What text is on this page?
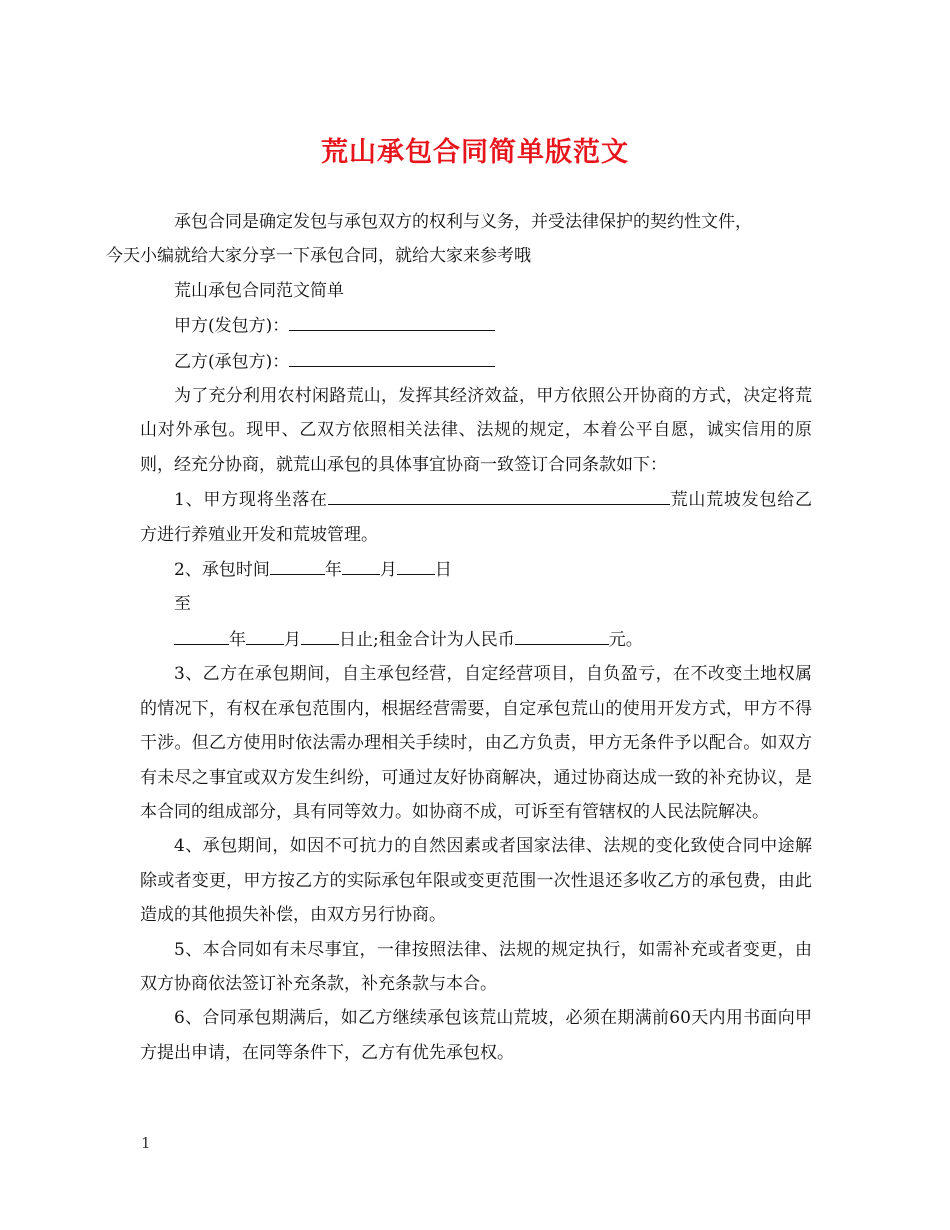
荒山承包合同简单版范文

承包合同是确定发包与承包双方的权利与义务，并受法律保护的契约性文件，
今天小编就给大家分享一下承包合同，就给大家来参考哦

荒山承包合同范文简单

甲方(发包方)：

乙方(承包方)：

为了充分利用农村闲路荒山，发挥其经济效益，甲方依照公开协商的方式，决定将荒山对外承包。现甲、乙双方依照相关法律、法规的规定，本着公平自愿，诚实信用的原则，经充分协商，就荒山承包的具体事宜协商一致签订合同条款如下：

1、甲方现将坐落在	荒山荒坡发包给乙方进行养殖业开发和荒坡管理。

2、承包时间	年 月 日

至

年 月 日止;租金合计为人民币	元。

3、乙方在承包期间，自主承包经营，自定经营项目，自负盈亏，在不改变土地权属的情况下，有权在承包范围内，根据经营需要，自定承包荒山的使用开发方式，甲方不得干涉。但乙方使用时依法需办理相关手续时，由乙方负责，甲方无条件予以配合。如双方有未尽之事宜或双方发生纠纷，可通过友好协商解决，通过协商达成一致的补充协议，是本合同的组成部分，具有同等效力。如协商不成，可诉至有管辖权的人民法院解决。

4、承包期间，如因不可抗力的自然因素或者国家法律、法规的变化致使合同中途解除或者变更，甲方按乙方的实际承包年限或变更范围一次性退还多收乙方的承包费，由此造成的其他损失补偿，由双方另行协商。

5、本合同如有未尽事宜，一律按照法律、法规的规定执行，如需补充或者变更，由双方协商依法签订补充条款，补充条款与本合。

6、合同承包期满后，如乙方继续承包该荒山荒坡，必须在期满前60天内用书面向甲方提出申请，在同等条件下，乙方有优先承包权。

1
